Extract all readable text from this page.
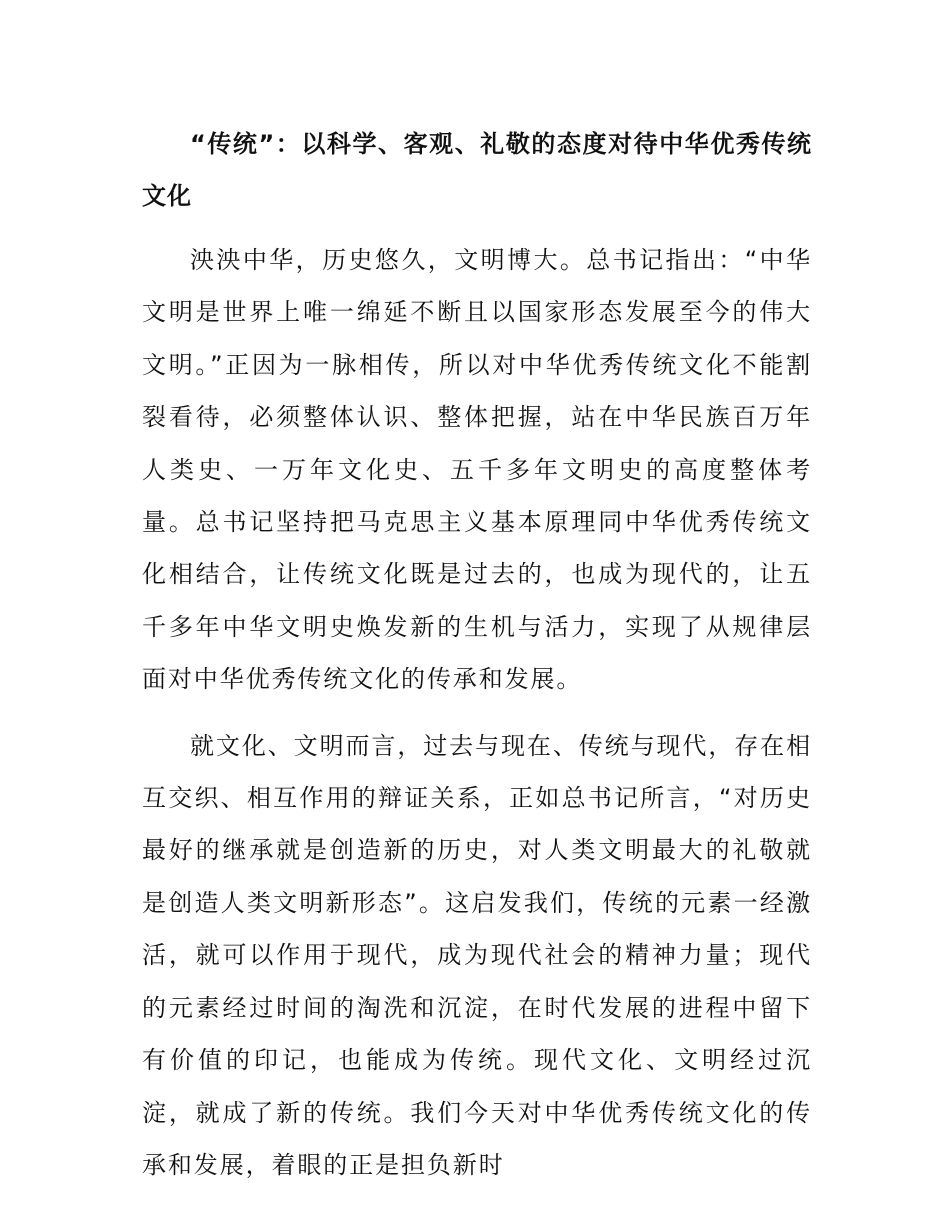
“传统”：以科学、客观、礼敬的态度对待中华优秀传统文化

泱泱中华，历史悠久，文明博大。总书记指出：“中华文明是世界上唯一绵延不断且以国家形态发展至今的伟大文明。”正因为一脉相传，所以对中华优秀传统文化不能割裂看待，必须整体认识、整体把握，站在中华民族百万年人类史、一万年文化史、五千多年文明史的高度整体考量。总书记坚持把马克思主义基本原理同中华优秀传统文化相结合，让传统文化既是过去的，也成为现代的，让五千多年中华文明史焕发新的生机与活力，实现了从规律层面对中华优秀传统文化的传承和发展。

就文化、文明而言，过去与现在、传统与现代，存在相互交织、相互作用的辩证关系，正如总书记所言，“对历史最好的继承就是创造新的历史，对人类文明最大的礼敬就是创造人类文明新形态”。这启发我们，传统的元素一经激活，就可以作用于现代，成为现代社会的精神力量；现代的元素经过时间的淘洗和沉淀，在时代发展的进程中留下有价值的印记，也能成为传统。现代文化、文明经过沉淀，就成了新的传统。我们今天对中华优秀传统文化的传承和发展，着眼的正是担负新时
